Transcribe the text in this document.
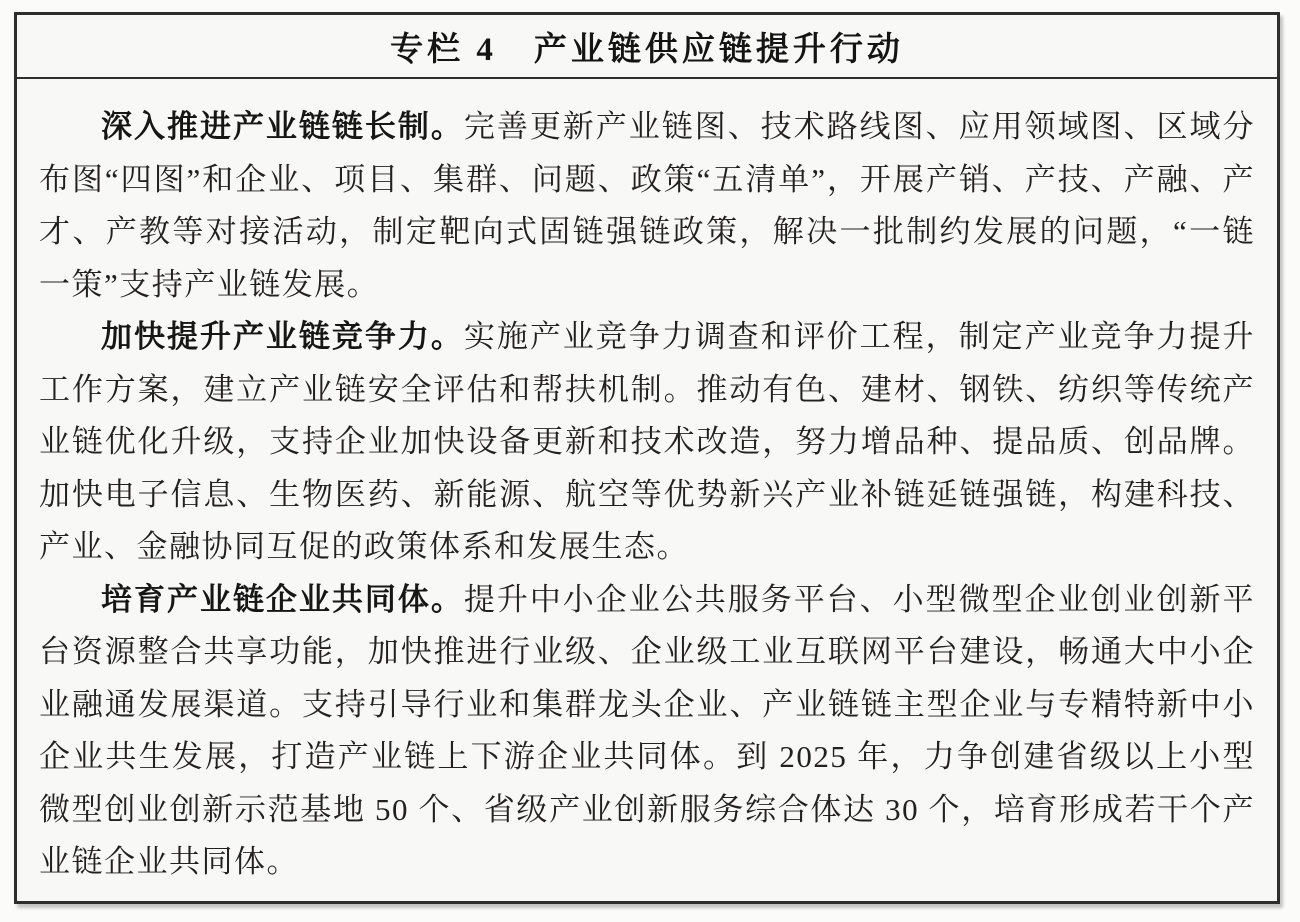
专栏 4　产业链供应链提升行动

深入推进产业链链长制。完善更新产业链图、技术路线图、应用领域图、区域分布图“四图”和企业、项目、集群、问题、政策“五清单”，开展产销、产技、产融、产才、产教等对接活动，制定靶向式固链强链政策，解决一批制约发展的问题，“一链一策”支持产业链发展。

加快提升产业链竞争力。实施产业竞争力调查和评价工程，制定产业竞争力提升工作方案，建立产业链安全评估和帮扶机制。推动有色、建材、钢铁、纺织等传统产业链优化升级，支持企业加快设备更新和技术改造，努力增品种、提品质、创品牌。加快电子信息、生物医药、新能源、航空等优势新兴产业补链延链强链，构建科技、产业、金融协同互促的政策体系和发展生态。

培育产业链企业共同体。提升中小企业公共服务平台、小型微型企业创业创新平台资源整合共享功能，加快推进行业级、企业级工业互联网平台建设，畅通大中小企业融通发展渠道。支持引导行业和集群龙头企业、产业链链主型企业与专精特新中小企业共生发展，打造产业链上下游企业共同体。到 2025 年，力争创建省级以上小型微型创业创新示范基地 50 个、省级产业创新服务综合体达 30 个，培育形成若干个产业链企业共同体。
